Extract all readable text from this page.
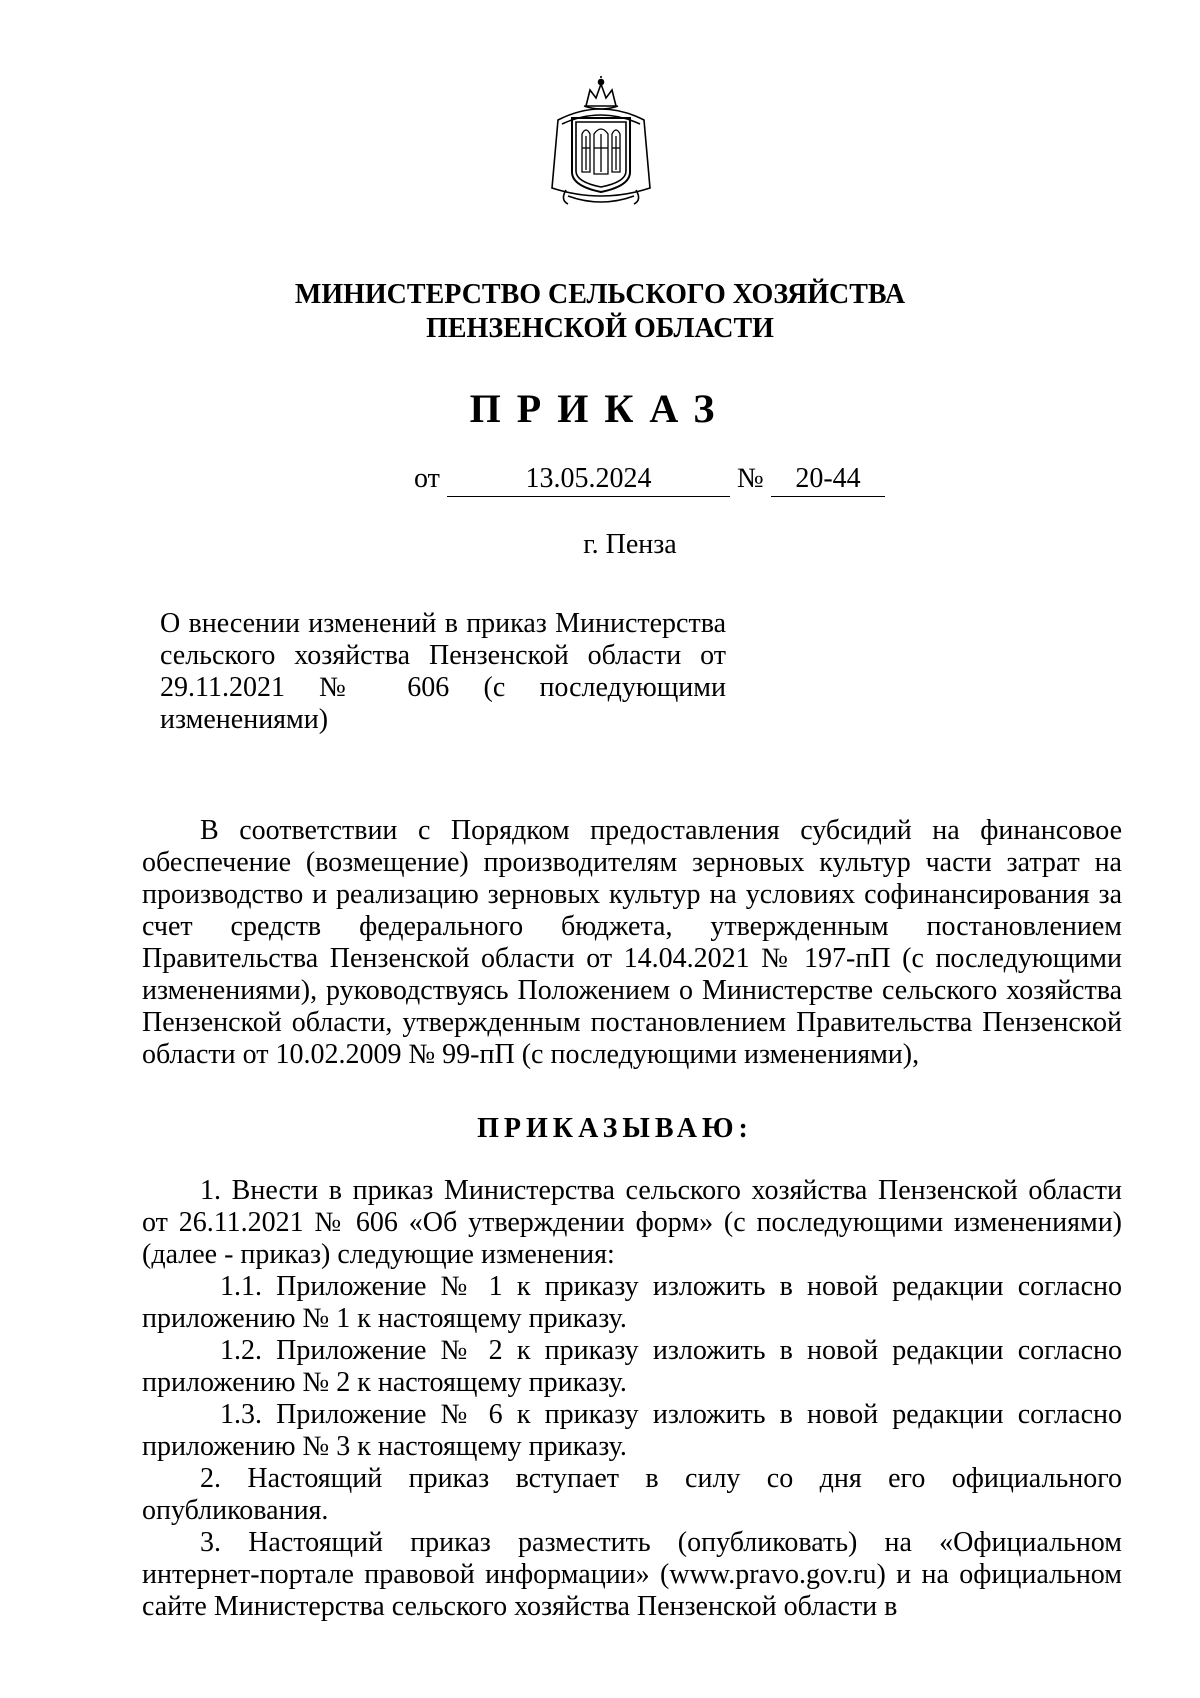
МИНИСТЕРСТВО СЕЛЬСКОГО ХОЗЯЙСТВА
ПЕНЗЕНСКОЙ ОБЛАСТИ
ПРИКАЗ
от	13.05.2024	№	20-44
г. Пенза
О внесении изменений в приказ Министерства сельского хозяйства Пензенской области от 29.11.2021 № 606 (с последующими изменениями)

В соответствии с Порядком предоставления субсидий на финансовое обеспечение (возмещение) производителям зерновых культур части затрат на производство и реализацию зерновых культур на условиях софинансирования за счет средств федерального бюджета, утвержденным постановлением Правительства Пензенской области от 14.04.2021 № 197-пП (с последующими изменениями), руководствуясь Положением о Министерстве сельского хозяйства Пензенской области, утвержденным постановлением Правительства Пензенской области от 10.02.2009 № 99-пП (с последующими изменениями),

ПРИКАЗЫВАЮ:

1. Внести в приказ Министерства сельского хозяйства Пензенской области от 26.11.2021 № 606 «Об утверждении форм» (с последующими изменениями) (далее - приказ) следующие изменения:

1.1. Приложение № 1 к приказу изложить в новой редакции согласно приложению № 1 к настоящему приказу.

1.2. Приложение № 2 к приказу изложить в новой редакции согласно приложению № 2 к настоящему приказу.

1.3. Приложение № 6 к приказу изложить в новой редакции согласно приложению № 3 к настоящему приказу.

2. Настоящий приказ вступает в силу со дня его официального опубликования.

3. Настоящий приказ разместить (опубликовать) на «Официальном интернет-портале правовой информации» (www.pravo.gov.ru) и на официальном сайте Министерства сельского хозяйства Пензенской области в
